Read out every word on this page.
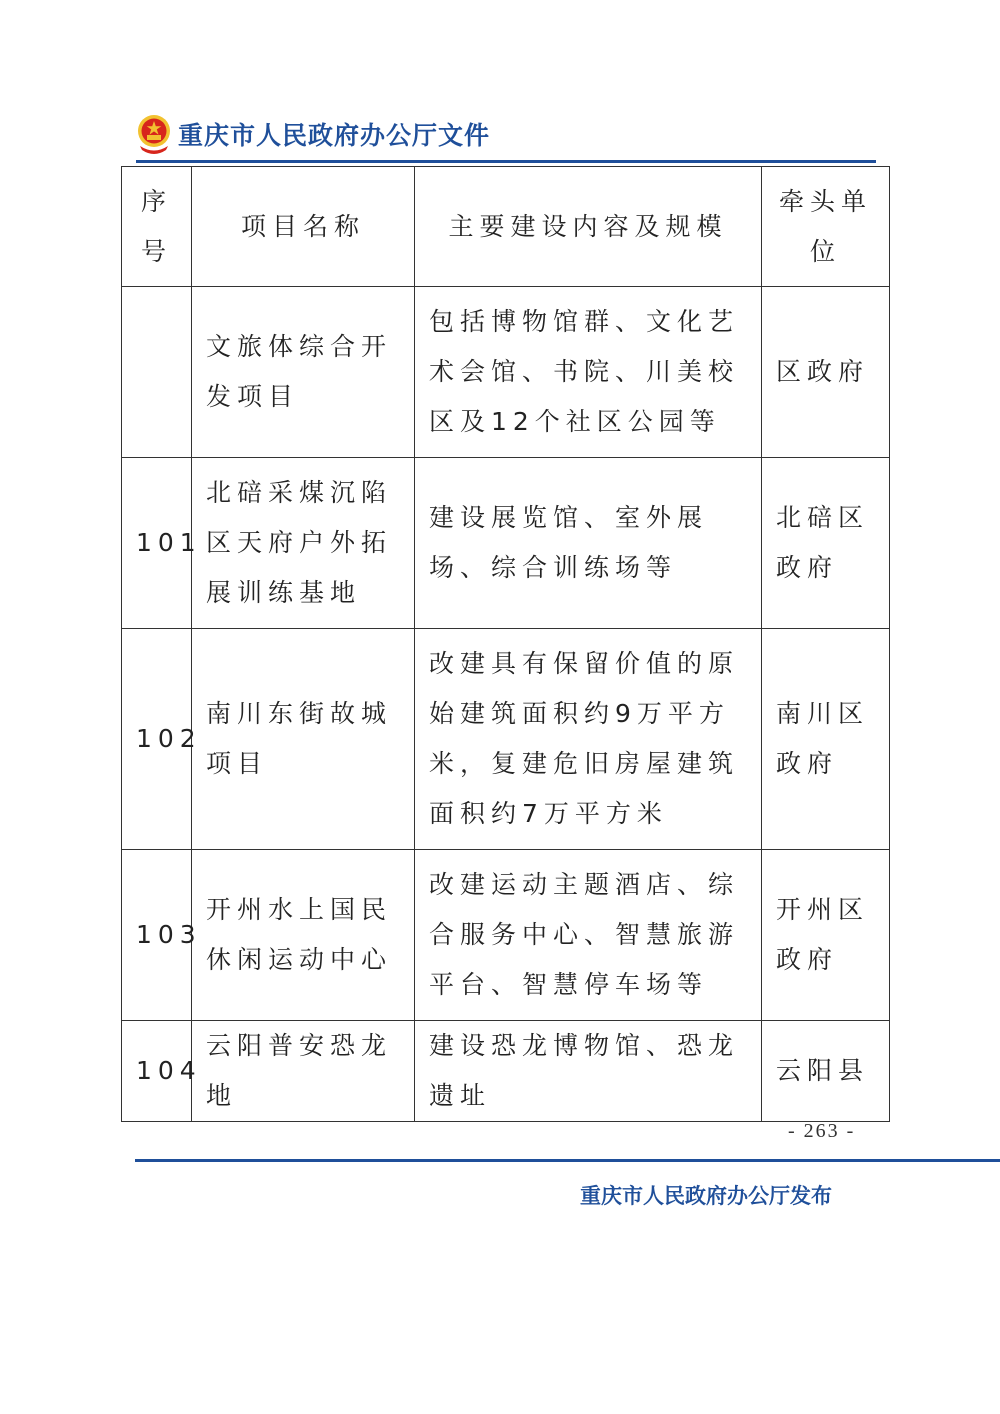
重庆市人民政府办公厅文件
序号	项目名称	主要建设内容及规模	牵头单位
	文旅体综合开发项目	包括博物馆群、文化艺术会馆、书院、川美校区及12个社区公园等	区政府
101	北碚采煤沉陷区天府户外拓展训练基地	建设展览馆、室外展场、综合训练场等	北碚区政府
102	南川东街故城项目	改建具有保留价值的原始建筑面积约9万平方米，复建危旧房屋建筑面积约7万平方米	南川区政府
103	开州水上国民休闲运动中心	改建运动主题酒店、综合服务中心、智慧旅游平台、智慧停车场等	开州区政府
104	云阳普安恐龙地	建设恐龙博物馆、恐龙遗址	云阳县
- 263 -
重庆市人民政府办公厅发布
